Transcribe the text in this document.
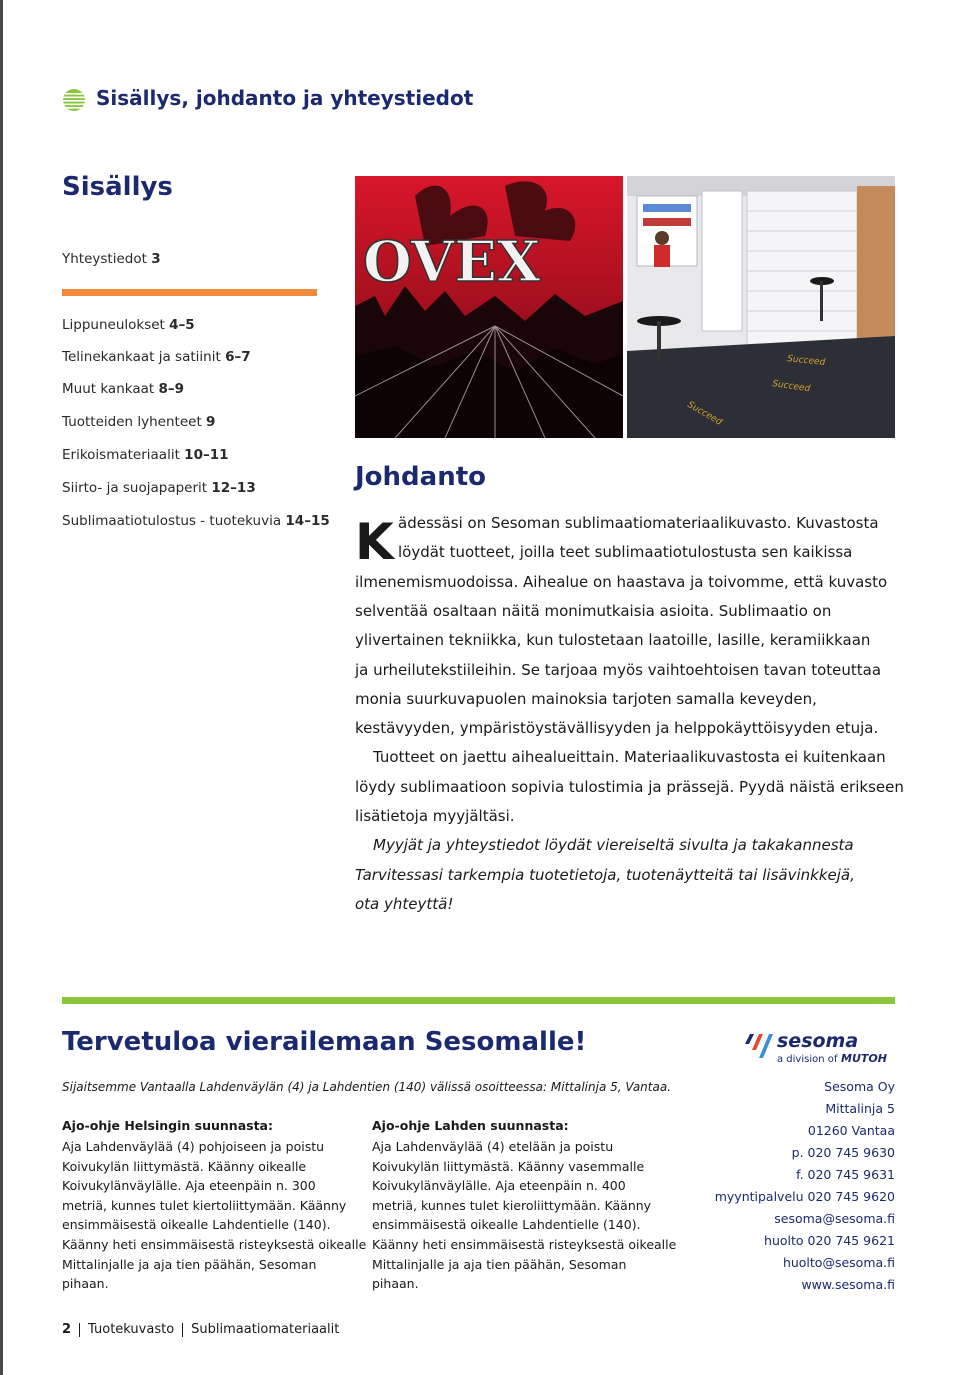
Sisällys, johdanto ja yhteystiedot
Sisällys
Yhteystiedot 3
Lippuneulokset 4–5
Telinekankaat ja satiinit 6–7
Muut kankaat 8–9
Tuotteiden lyhenteet 9
Erikoismateriaalit 10–11
Siirto- ja suojapaperit 12–13
Sublimaatiotulostus - tuotekuvia 14–15
OVEX
Succeed
Succeed
Succeed
Johdanto
K ädessäsi on Sesoman sublimaatiomateriaalikuvasto. Kuvastosta
löydät tuotteet, joilla teet sublimaatiotulostusta sen kaikissa
ilmenemismuodoissa. Aihealue on haastava ja toivomme, että kuvasto
selventää osaltaan näitä monimutkaisia asioita. Sublimaatio on
ylivertainen tekniikka, kun tulostetaan laatoille, lasille, keramiikkaan
ja urheilutekstiileihin. Se tarjoaa myös vaihtoehtoisen tavan toteuttaa
monia suurkuvapuolen mainoksia tarjoten samalla keveyden,
kestävyyden, ympäristöystävällisyyden ja helppokäyttöisyyden etuja.
Tuotteet on jaettu aihealueittain. Materiaalikuvastosta ei kuitenkaan
löydy sublimaatioon sopivia tulostimia ja prässejä. Pyydä näistä erikseen
lisätietoja myyjältäsi.
Myyjät ja yhteystiedot löydät viereiseltä sivulta ja takakannesta
Tarvitessasi tarkempia tuotetietoja, tuotenäytteitä tai lisävinkkejä,
ota yhteyttä!
Tervetuloa vierailemaan Sesomalle!	sesoma
a division of MUTOH
Sijaitsemme Vantaalla Lahdenväylän (4) ja Lahdentien (140) välissä osoitteessa: Mittalinja 5, Vantaa.
Ajo-ohje Helsingin suunnasta:
Aja Lahdenväylää (4) pohjoiseen ja poistu
Koivukylän liittymästä. Käänny oikealle
Koivukylänväylälle. Aja eteenpäin n. 300
metriä, kunnes tulet kiertoliittymään. Käänny
ensimmäisestä oikealle Lahdentielle (140).
Käänny heti ensimmäisestä risteyksestä oikealle
Mittalinjalle ja aja tien päähän, Sesoman
pihaan.
Ajo-ohje Lahden suunnasta:
Aja Lahdenväylää (4) etelään ja poistu
Koivukylän liittymästä. Käänny vasemmalle
Koivukylänväylälle. Aja eteenpäin n. 400
metriä, kunnes tulet kieroliittymään. Käänny
ensimmäisestä oikealle Lahdentielle (140).
Käänny heti ensimmäisestä risteyksestä oikealle
Mittalinjalle ja aja tien päähän, Sesoman
pihaan.
Sesoma Oy
Mittalinja 5
01260 Vantaa
p. 020 745 9630
f. 020 745 9631
myyntipalvelu 020 745 9620
sesoma@sesoma.fi
huolto 020 745 9621
huolto@sesoma.fi
www.sesoma.fi
2 Tuotekuvasto Sublimaatiomateriaalit
